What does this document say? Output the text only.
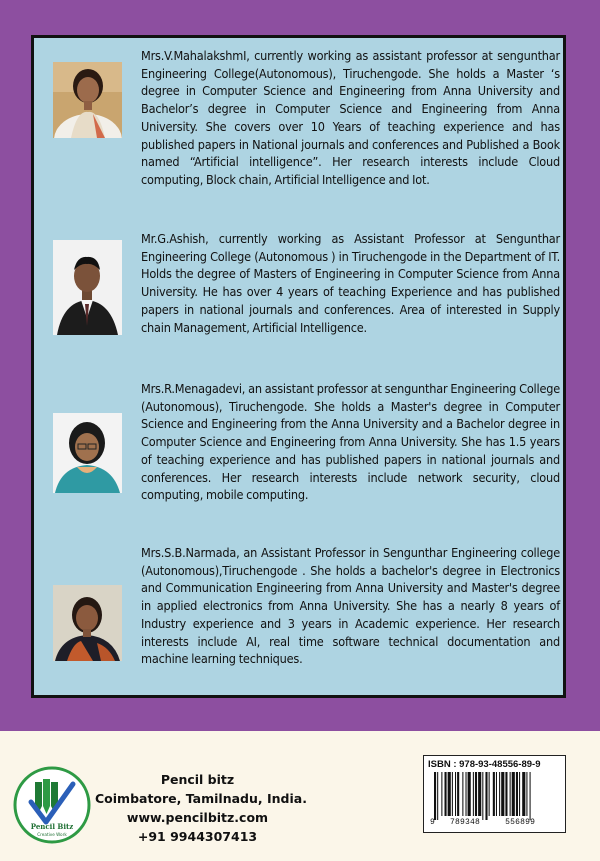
Mrs.V.MahalakshmI, currently working as assistant professor at sengunthar Engineering College(Autonomous), Tiruchengode. She holds a Master ‘s degree in Computer Science and Engineering from Anna University and Bachelor’s degree in Computer Science and Engineering from Anna University. She covers over 10 Years of teaching experience and has published papers in National journals and conferences and Published a Book named “Artificial intelligence”. Her research interests include Cloud computing, Block chain, Artificial Intelligence and Iot.

Mr.G.Ashish, currently working as Assistant Professor at Sengunthar Engineering College (Autonomous ) in Tiruchengode in the Department of IT. Holds the degree of Masters of Engineering in Computer Science from Anna University. He has over 4 years of teaching Experience and has published papers in national journals and conferences. Area of interested in Supply chain Management, Artificial Intelligence.

Mrs.R.Menagadevi, an assistant professor at sengunthar Engineering College (Autonomous), Tiruchengode. She holds a Master's degree in Computer Science and Engineering from the Anna University and a Bachelor degree in Computer Science and Engineering from Anna University. She has 1.5 years of teaching experience and has published papers in national journals and conferences. Her research interests include network security, cloud computing, mobile computing.

Mrs.S.B.Narmada, an Assistant Professor in Sengunthar Engineering college (Autonomous),Tiruchengode . She holds a bachelor's degree in Electronics and Communication Engineering from Anna University and Master's degree in applied electronics from Anna University. She has a nearly 8 years of Industry experience and 3 years in Academic experience. Her research interests include AI, real time software technical documentation and machine learning techniques.

Pencil Bitz
Creative Work
Pencil bitz
Coimbatore, Tamilnadu, India.
www.pencilbitz.com
+91 9944307413
ISBN : 978-93-48556-89-9
9 789348	556899
